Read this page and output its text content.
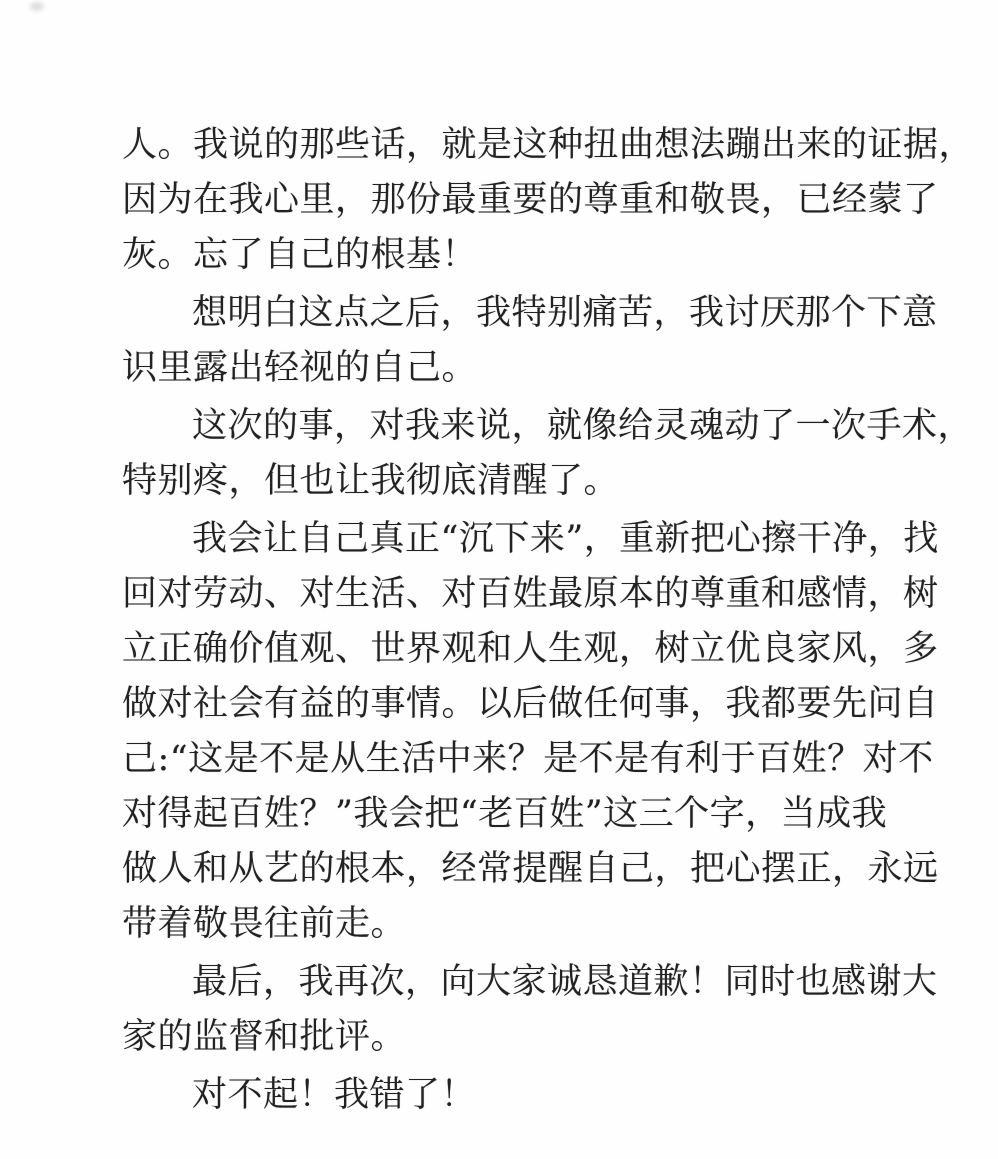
人。我说的那些话，就是这种扭曲想法蹦出来的证据，
因为在我心里，那份最重要的尊重和敬畏，已经蒙了
灰。忘了自己的根基！

想明白这点之后，我特别痛苦，我讨厌那个下意
识里露出轻视的自己。

这次的事，对我来说，就像给灵魂动了一次手术，
特别疼，但也让我彻底清醒了。

我会让自己真正“沉下来”，重新把心擦干净，找
回对劳动、对生活、对百姓最原本的尊重和感情，树
立正确价值观、世界观和人生观，树立优良家风，多
做对社会有益的事情。以后做任何事，我都要先问自
己:“这是不是从生活中来？是不是有利于百姓？对不
对得起百姓？”我会把“老百姓”这三个字，当成我
做人和从艺的根本，经常提醒自己，把心摆正，永远
带着敬畏往前走。

最后，我再次，向大家诚恳道歉！同时也感谢大
家的监督和批评。

对不起！我错了！
